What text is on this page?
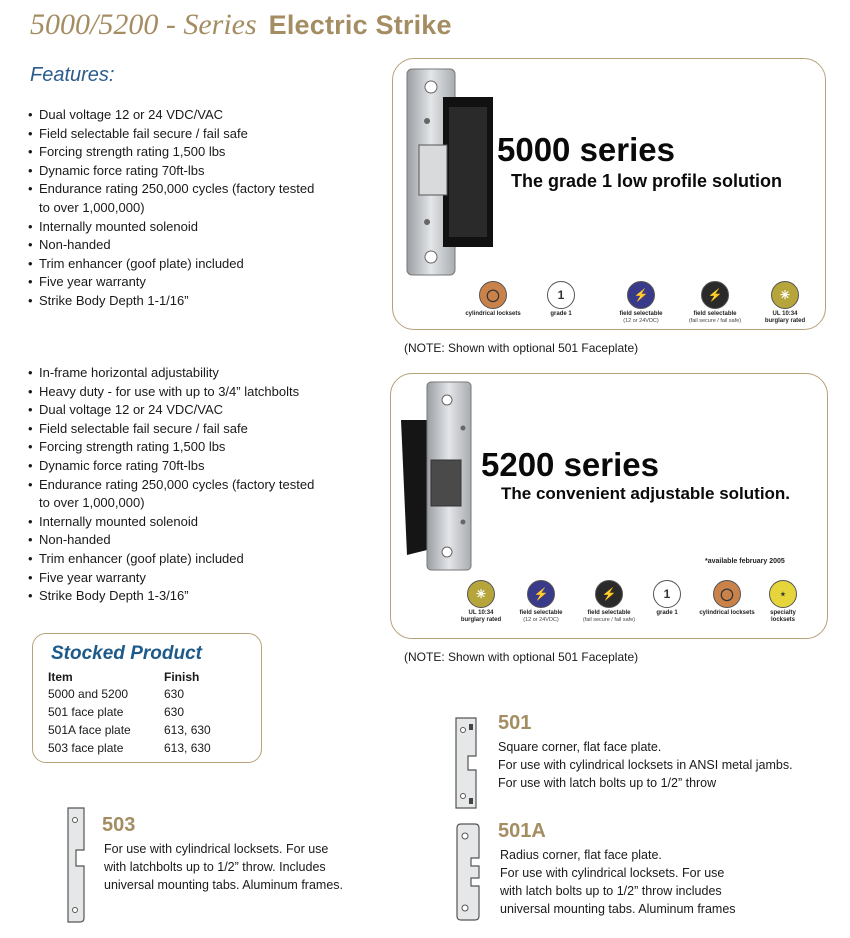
5000/5200 - Series Electric Strike
Features:
• Dual voltage 12 or 24 VDC/VAC
• Field selectable fail secure / fail safe
• Forcing strength rating 1,500 lbs
• Dynamic force rating 70ft-lbs
• Endurance rating 250,000 cycles (factory tested
to over 1,000,000)
• Internally mounted solenoid
• Non-handed
• Trim enhancer (goof plate) included
• Five year warranty
• Strike Body Depth 1-1/16”
• In-frame horizontal adjustability
• Heavy duty - for use with up to 3/4” latchbolts
• Dual voltage 12 or 24 VDC/VAC
• Field selectable fail secure / fail safe
• Forcing strength rating 1,500 lbs
• Dynamic force rating 70ft-lbs
• Endurance rating 250,000 cycles (factory tested
to over 1,000,000)
• Internally mounted solenoid
• Non-handed
• Trim enhancer (goof plate) included
• Five year warranty
• Strike Body Depth 1-3/16”
5000 series
The grade 1 low profile solution
◯
cylindrical locksets
1
grade 1
⚡
field selectable
(12 or 24VDC)
⚡
field selectable
(fail secure / fail safe)
✳
UL 10:34
burglary rated
(NOTE: Shown with optional 501 Faceplate)
5200 series
The convenient adjustable solution.
*available february 2005
✳
UL 10:34
burglary rated
⚡
field selectable
(12 or 24VDC)
⚡
field selectable
(fail secure / fail safe)
1
grade 1
◯
cylindrical locksets
★
specialty
locksets
(NOTE: Shown with optional 501 Faceplate)
Stocked Product
Item	Finish
5000 and 5200	630
501 face plate	630
501A face plate	613, 630
503 face plate	613, 630
501
Square corner, flat face plate.
For use with cylindrical locksets in ANSI metal jambs.
For use with latch bolts up to 1/2” throw
501A
Radius corner, flat face plate.
For use with cylindrical locksets. For use
with latch bolts up to 1/2” throw includes
universal mounting tabs. Aluminum frames
503
For use with cylindrical locksets. For use
with latchbolts up to 1/2” throw. Includes
universal mounting tabs. Aluminum frames.
